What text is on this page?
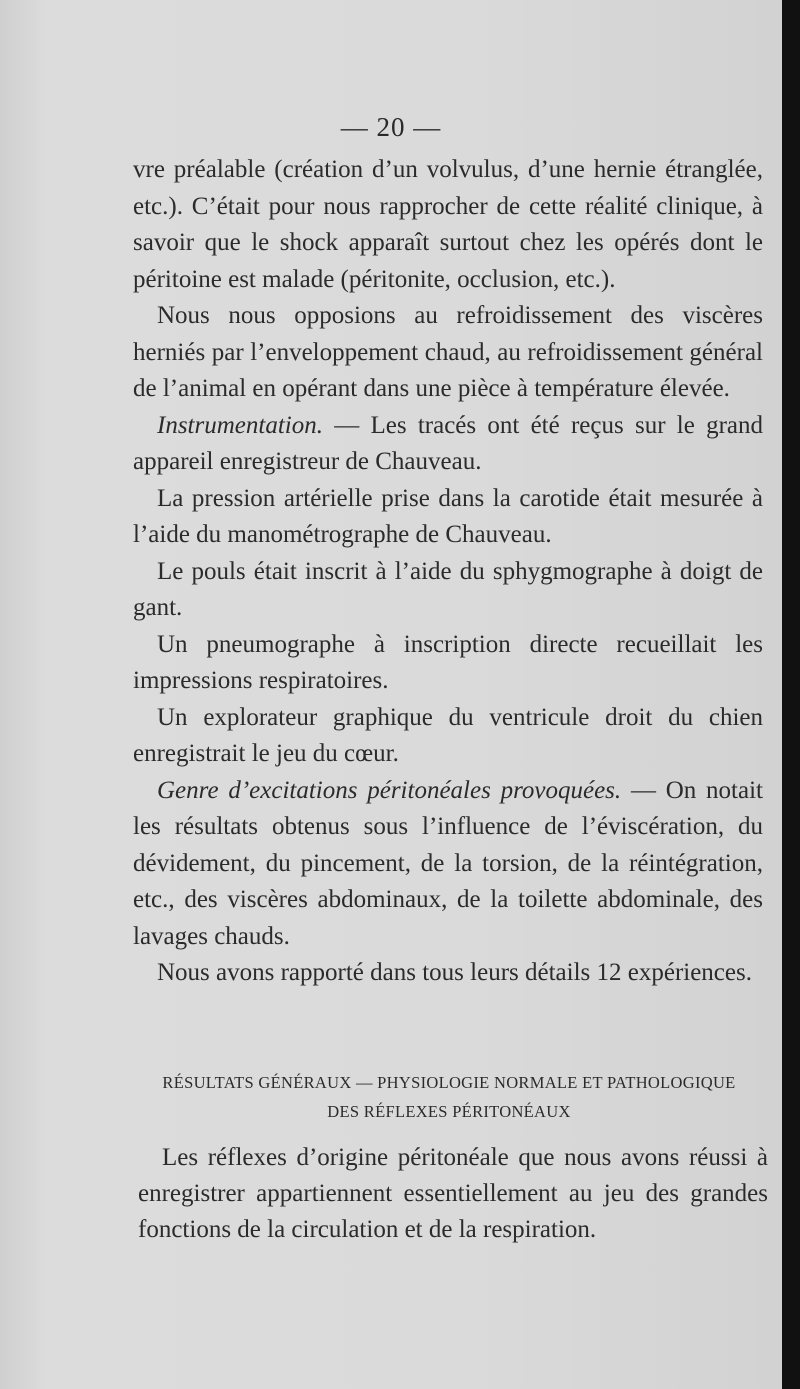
— 20 —

vre préalable (création d’un volvulus, d’une hernie étranglée, etc.). C’était pour nous rapprocher de cette réalité clinique, à savoir que le shock apparaît surtout chez les opérés dont le péritoine est malade (péritonite, occlusion, etc.).

Nous nous opposions au refroidissement des viscères herniés par l’enveloppement chaud, au refroidissement général de l’animal en opérant dans une pièce à température élevée.

Instrumentation. — Les tracés ont été reçus sur le grand appareil enregistreur de Chauveau.

La pression artérielle prise dans la carotide était mesurée à l’aide du manométrographe de Chauveau.

Le pouls était inscrit à l’aide du sphygmographe à doigt de gant.

Un pneumographe à inscription directe recueillait les impressions respiratoires.

Un explorateur graphique du ventricule droit du chien enregistrait le jeu du cœur.

Genre d’excitations péritonéales provoquées. — On notait les résultats obtenus sous l’influence de l’éviscération, du dévidement, du pincement, de la torsion, de la réintégration, etc., des viscères abdominaux, de la toilette abdominale, des lavages chauds.

Nous avons rapporté dans tous leurs détails 12 expériences.

RÉSULTATS GÉNÉRAUX — PHYSIOLOGIE NORMALE ET PATHOLOGIQUE
DES RÉFLEXES PÉRITONÉAUX

Les réflexes d’origine péritonéale que nous avons réussi à enregistrer appartiennent essentiellement au jeu des grandes fonctions de la circulation et de la respiration.
